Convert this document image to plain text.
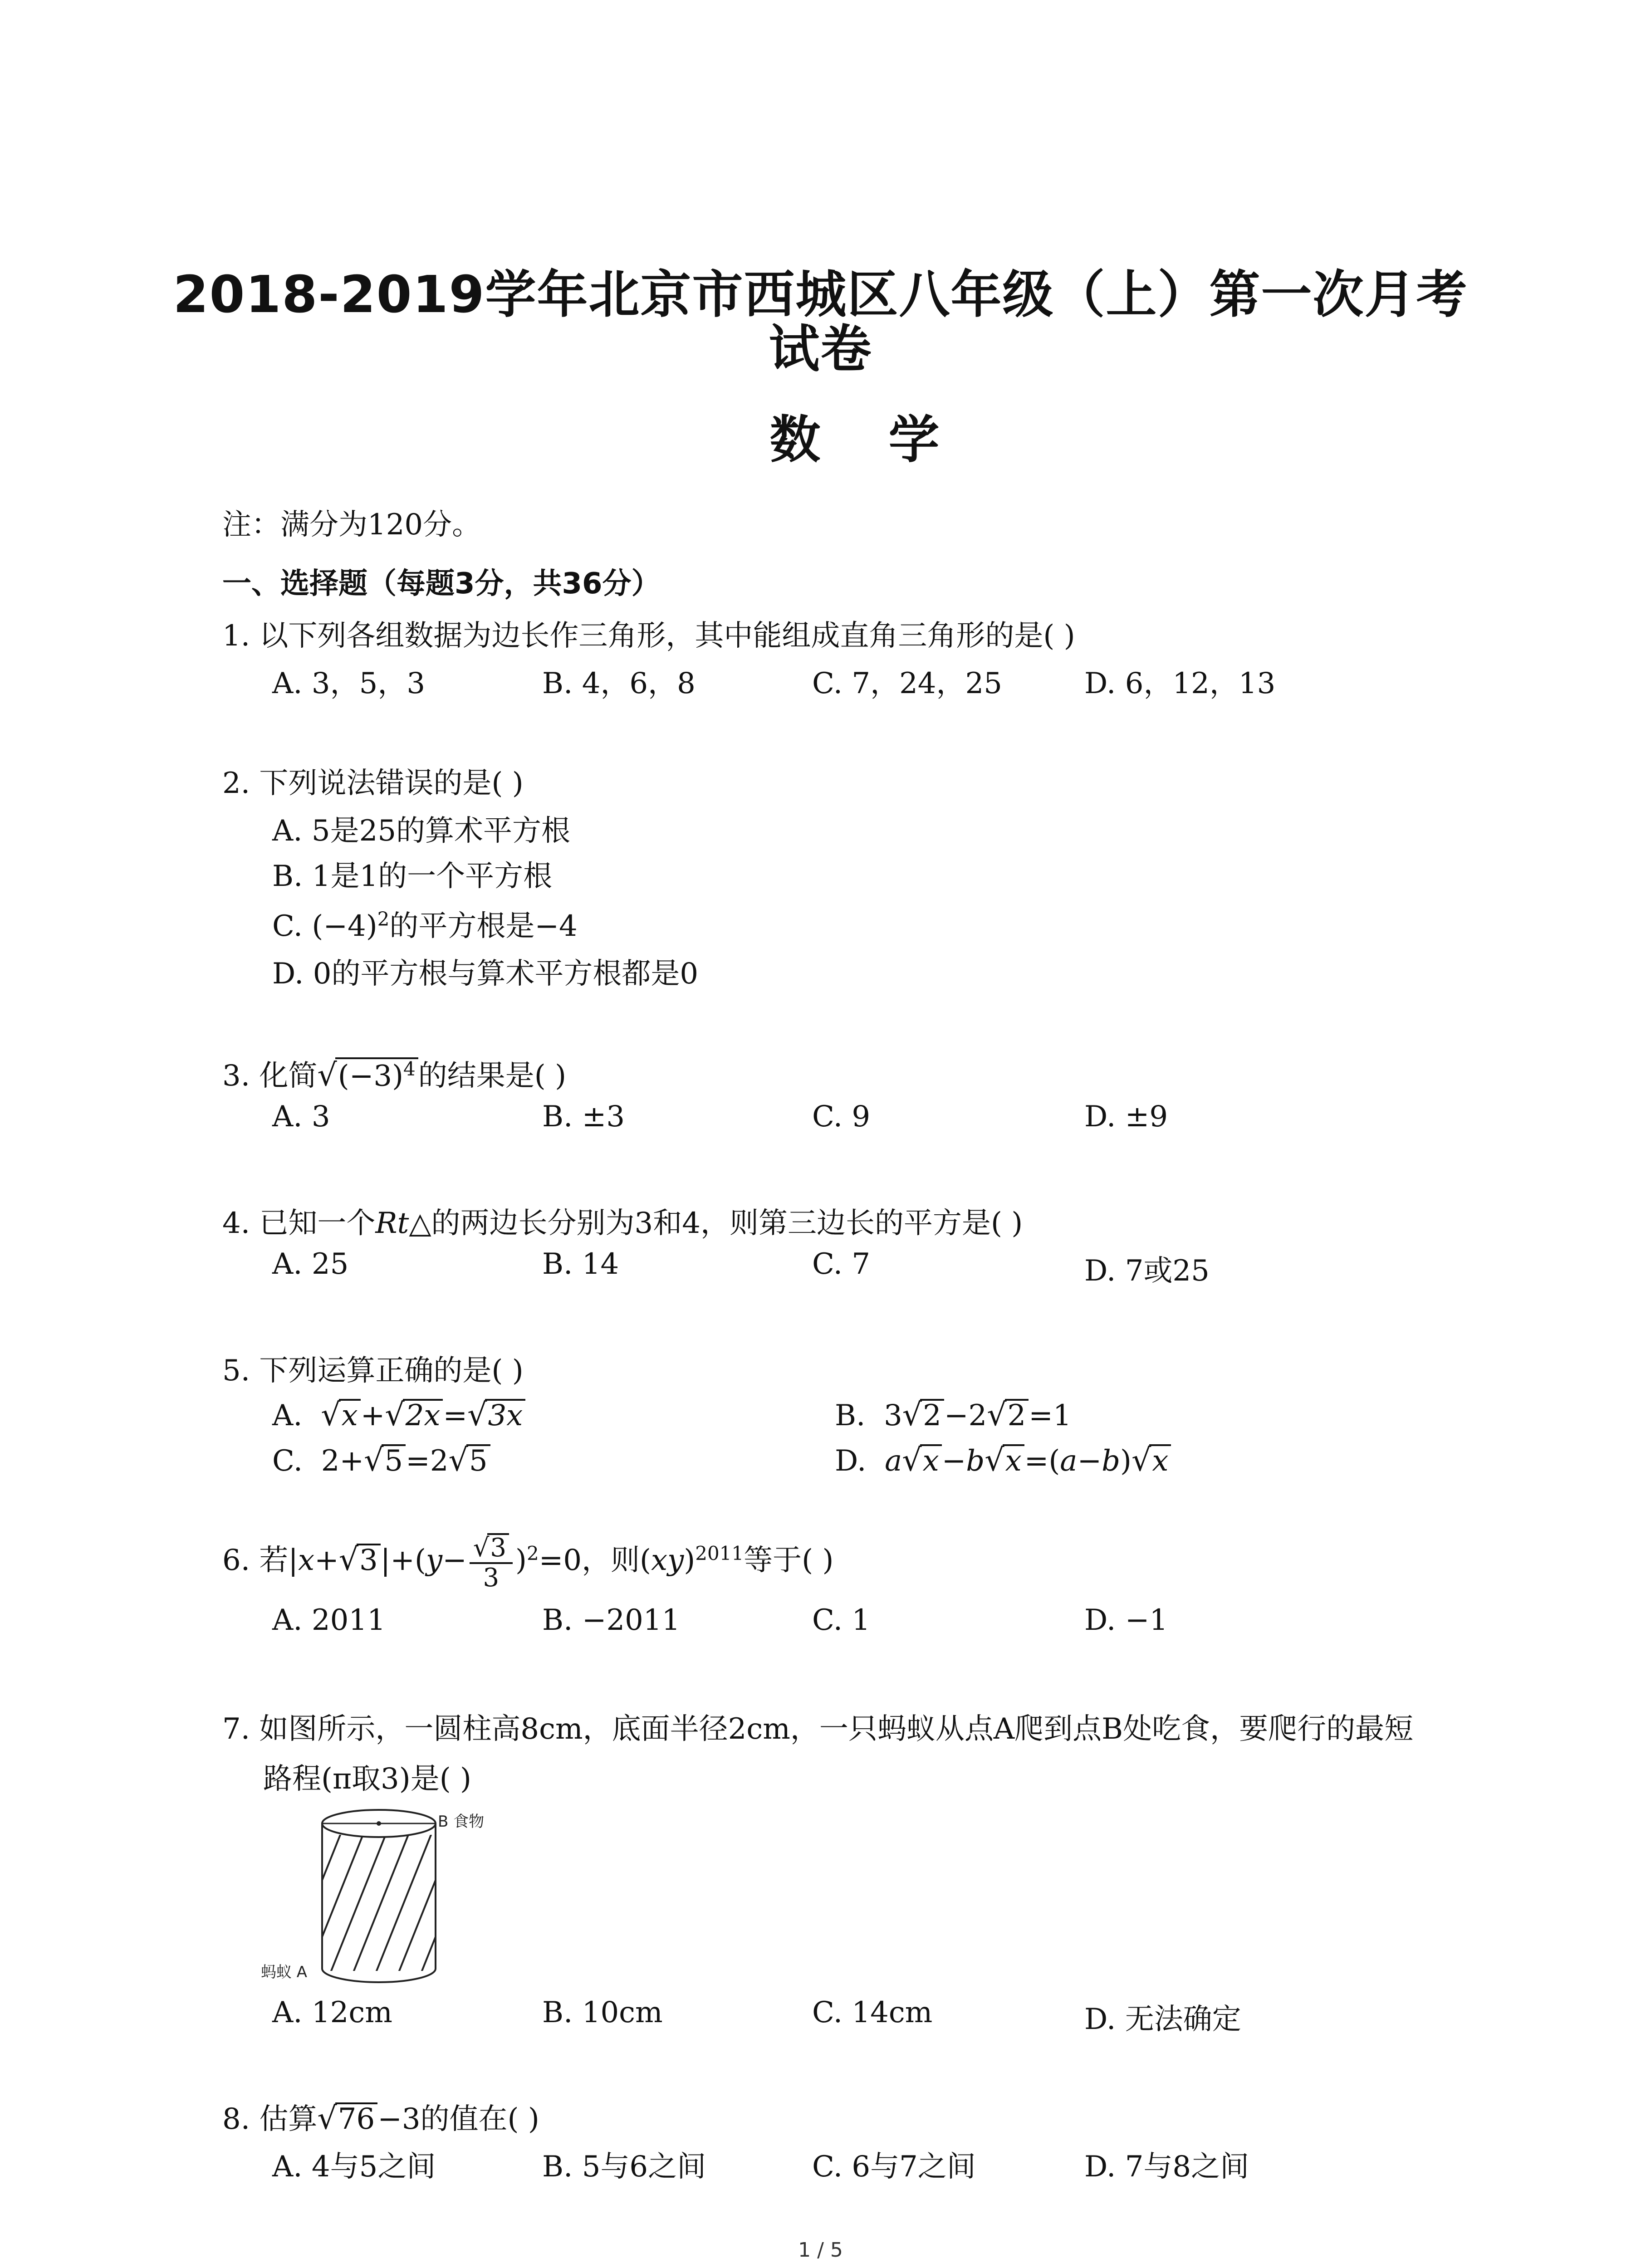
2018-2019学年北京市西城区八年级（上）第一次月考
试卷
数学
注：满分为120分。
一、选择题（每题3分，共36分）
1. 以下列各组数据为边长作三角形，其中能组成直角三角形的是( )
A. 3，5，3	B. 4，6，8	C. 7，24，25	D. 6，12，13
2. 下列说法错误的是( )
A. 5是25的算术平方根
B. 1是1的一个平方根
C. $(-4)^2$的平方根是−4
D. 0的平方根与算术平方根都是0
3. 化简$√(-3)^4$的结果是( )
A. 3	B. ±3	C. 9	D. ±9
4. 已知一个Rt△的两边长分别为3和4，则第三边长的平方是( )
A. 25	B. 14	C. 7	D. 7或25
5. 下列运算正确的是( )
A. √x+√2x=√3x	B. 3√2−2√2=1
C. 2+√5=2√5	D. a√x−b√x=(a−b)√x
6. 若$|x+√3|+(y- \frac{√3}{3} )^2=0$，则(xy)$^{2011}$等于( )
A. 2011	B. −2011	C. 1	D. −1
7. 如图所示，一圆柱高8cm，底面半径2cm，一只蚂蚁从点A爬到点B处吃食，要爬行的最短
路程(π取3)是( )
B 食物
蚂蚁 A
A. 12cm	B. 10cm	C. 14cm	D. 无法确定
8. 估算√76−3的值在( )
A. 4与5之间	B. 5与6之间	C. 6与7之间	D. 7与8之间
1 / 5
